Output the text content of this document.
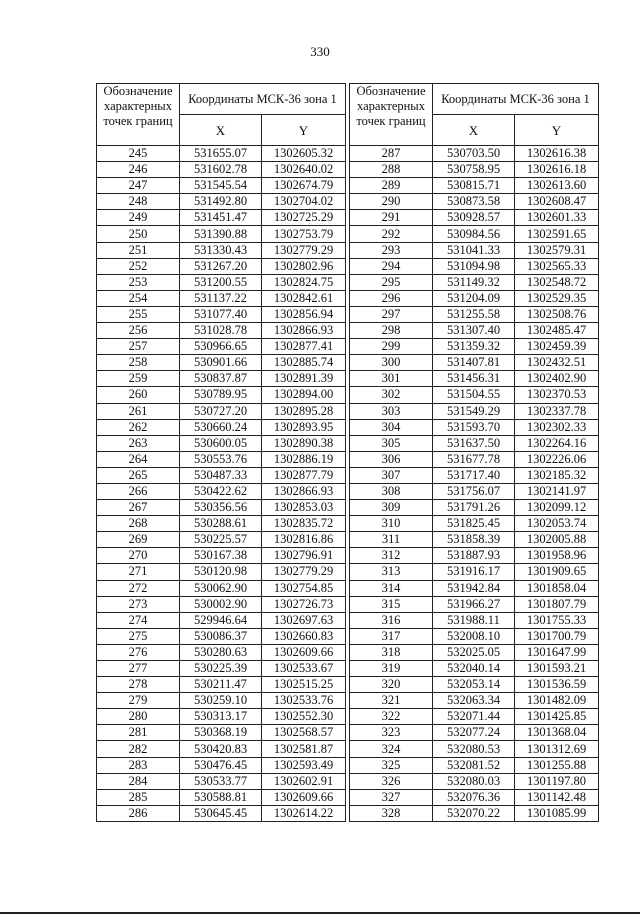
330
Обозначение характерных точек границ	Координаты МСК-36 зона 1	
	X	Y
245	531655.07	1302605.32
246	531602.78	1302640.02
247	531545.54	1302674.79
248	531492.80	1302704.02
249	531451.47	1302725.29
250	531390.88	1302753.79
251	531330.43	1302779.29
252	531267.20	1302802.96
253	531200.55	1302824.75
254	531137.22	1302842.61
255	531077.40	1302856.94
256	531028.78	1302866.93
257	530966.65	1302877.41
258	530901.66	1302885.74
259	530837.87	1302891.39
260	530789.95	1302894.00
261	530727.20	1302895.28
262	530660.24	1302893.95
263	530600.05	1302890.38
264	530553.76	1302886.19
265	530487.33	1302877.79
266	530422.62	1302866.93
267	530356.56	1302853.03
268	530288.61	1302835.72
269	530225.57	1302816.86
270	530167.38	1302796.91
271	530120.98	1302779.29
272	530062.90	1302754.85
273	530002.90	1302726.73
274	529946.64	1302697.63
275	530086.37	1302660.83
276	530280.63	1302609.66
277	530225.39	1302533.67
278	530211.47	1302515.25
279	530259.10	1302533.76
280	530313.17	1302552.30
281	530368.19	1302568.57
282	530420.83	1302581.87
283	530476.45	1302593.49
284	530533.77	1302602.91
285	530588.81	1302609.66
286	530645.45	1302614.22
Обозначение характерных точек границ	Координаты МСК-36 зона 1	
	X	Y
287	530703.50	1302616.38
288	530758.95	1302616.18
289	530815.71	1302613.60
290	530873.58	1302608.47
291	530928.57	1302601.33
292	530984.56	1302591.65
293	531041.33	1302579.31
294	531094.98	1302565.33
295	531149.32	1302548.72
296	531204.09	1302529.35
297	531255.58	1302508.76
298	531307.40	1302485.47
299	531359.32	1302459.39
300	531407.81	1302432.51
301	531456.31	1302402.90
302	531504.55	1302370.53
303	531549.29	1302337.78
304	531593.70	1302302.33
305	531637.50	1302264.16
306	531677.78	1302226.06
307	531717.40	1302185.32
308	531756.07	1302141.97
309	531791.26	1302099.12
310	531825.45	1302053.74
311	531858.39	1302005.88
312	531887.93	1301958.96
313	531916.17	1301909.65
314	531942.84	1301858.04
315	531966.27	1301807.79
316	531988.11	1301755.33
317	532008.10	1301700.79
318	532025.05	1301647.99
319	532040.14	1301593.21
320	532053.14	1301536.59
321	532063.34	1301482.09
322	532071.44	1301425.85
323	532077.24	1301368.04
324	532080.53	1301312.69
325	532081.52	1301255.88
326	532080.03	1301197.80
327	532076.36	1301142.48
328	532070.22	1301085.99
